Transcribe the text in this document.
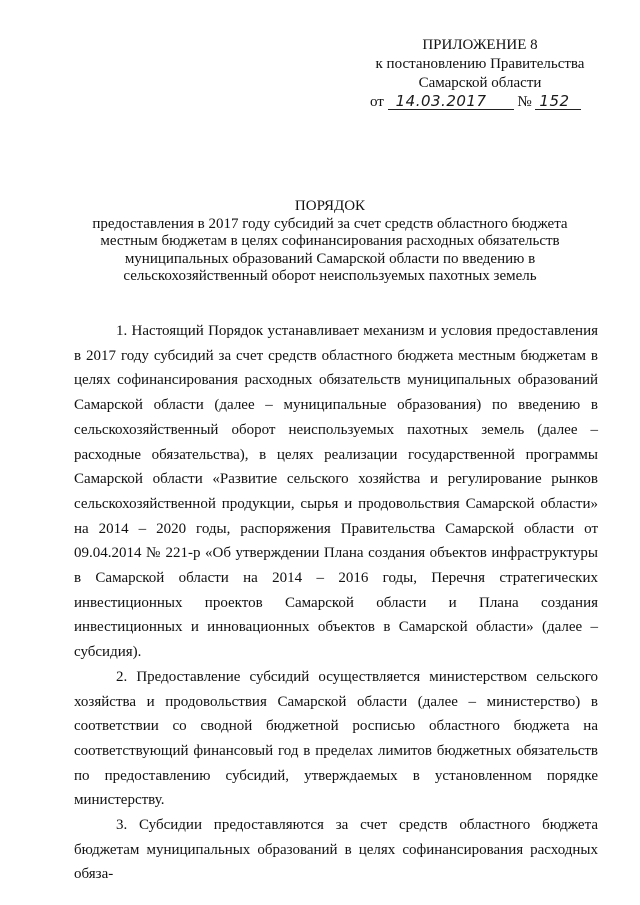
ПРИЛОЖЕНИЕ 8
к постановлению Правительства
Самарской области
от 14.03.2017 № 152
ПОРЯДОК
предоставления в 2017 году субсидий за счет средств областного бюджета местным бюджетам в целях софинансирования расходных обязательств муниципальных образований Самарской области по введению в сельскохозяйственный оборот неиспользуемых пахотных земель

1. Настоящий Порядок устанавливает механизм и условия предоставления в 2017 году субсидий за счет средств областного бюджета местным бюджетам в целях софинансирования расходных обязательств муниципальных образований Самарской области (далее – муниципальные образования) по введению в сельскохозяйственный оборот неиспользуемых пахотных земель (далее – расходные обязательства), в целях реализации государственной программы Самарской области «Развитие сельского хозяйства и регулирование рынков сельскохозяйственной продукции, сырья и продовольствия Самарской области» на 2014 – 2020 годы, распоряжения Правительства Самарской области от 09.04.2014 № 221-р «Об утверждении Плана создания объектов инфраструктуры в Самарской области на 2014 – 2016 годы, Перечня стратегических инвестиционных проектов Самарской области и Плана создания инвестиционных и инновационных объектов в Самарской области» (далее – субсидия).

2. Предоставление субсидий осуществляется министерством сельского хозяйства и продовольствия Самарской области (далее – министерство) в соответствии со сводной бюджетной росписью областного бюджета на соответствующий финансовый год в пределах лимитов бюджетных обязательств по предоставлению субсидий, утверждаемых в установленном порядке министерству.

3. Субсидии предоставляются за счет средств областного бюджета бюджетам муниципальных образований в целях софинансирования расходных обяза-
